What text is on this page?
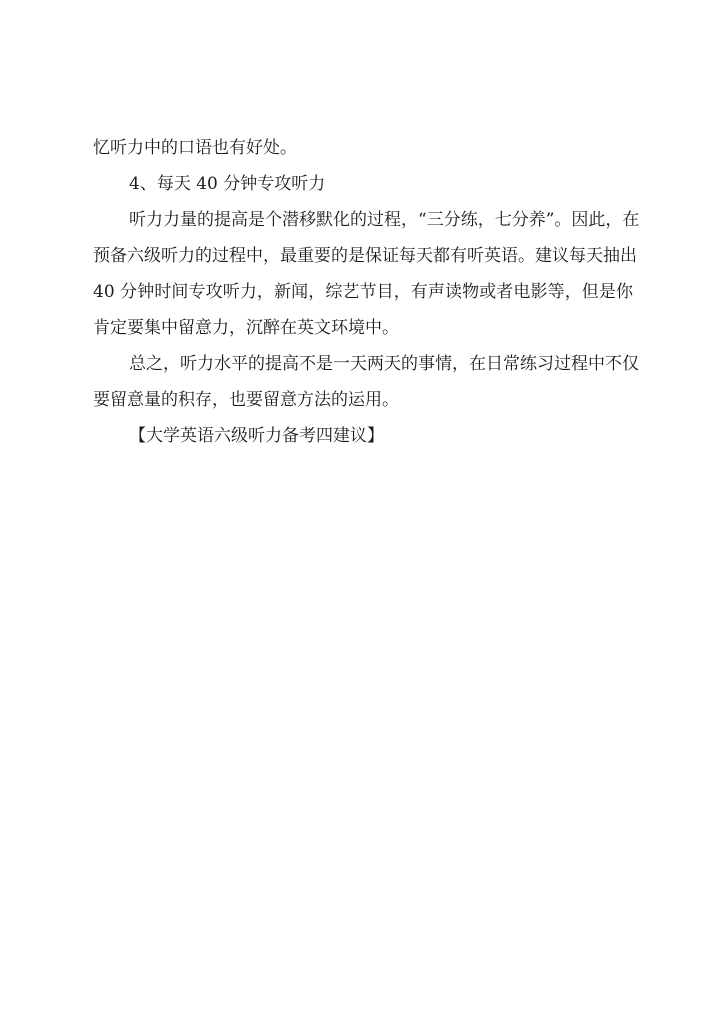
忆听力中的口语也有好处。
4、每天 40 分钟专攻听力
听力力量的提高是个潜移默化的过程，“三分练，七分养”。因此，在
预备六级听力的过程中，最重要的是保证每天都有听英语。建议每天抽出
40 分钟时间专攻听力，新闻，综艺节目，有声读物或者电影等，但是你
肯定要集中留意力，沉醉在英文环境中。
总之，听力水平的提高不是一天两天的事情，在日常练习过程中不仅
要留意量的积存，也要留意方法的运用。
【大学英语六级听力备考四建议】
